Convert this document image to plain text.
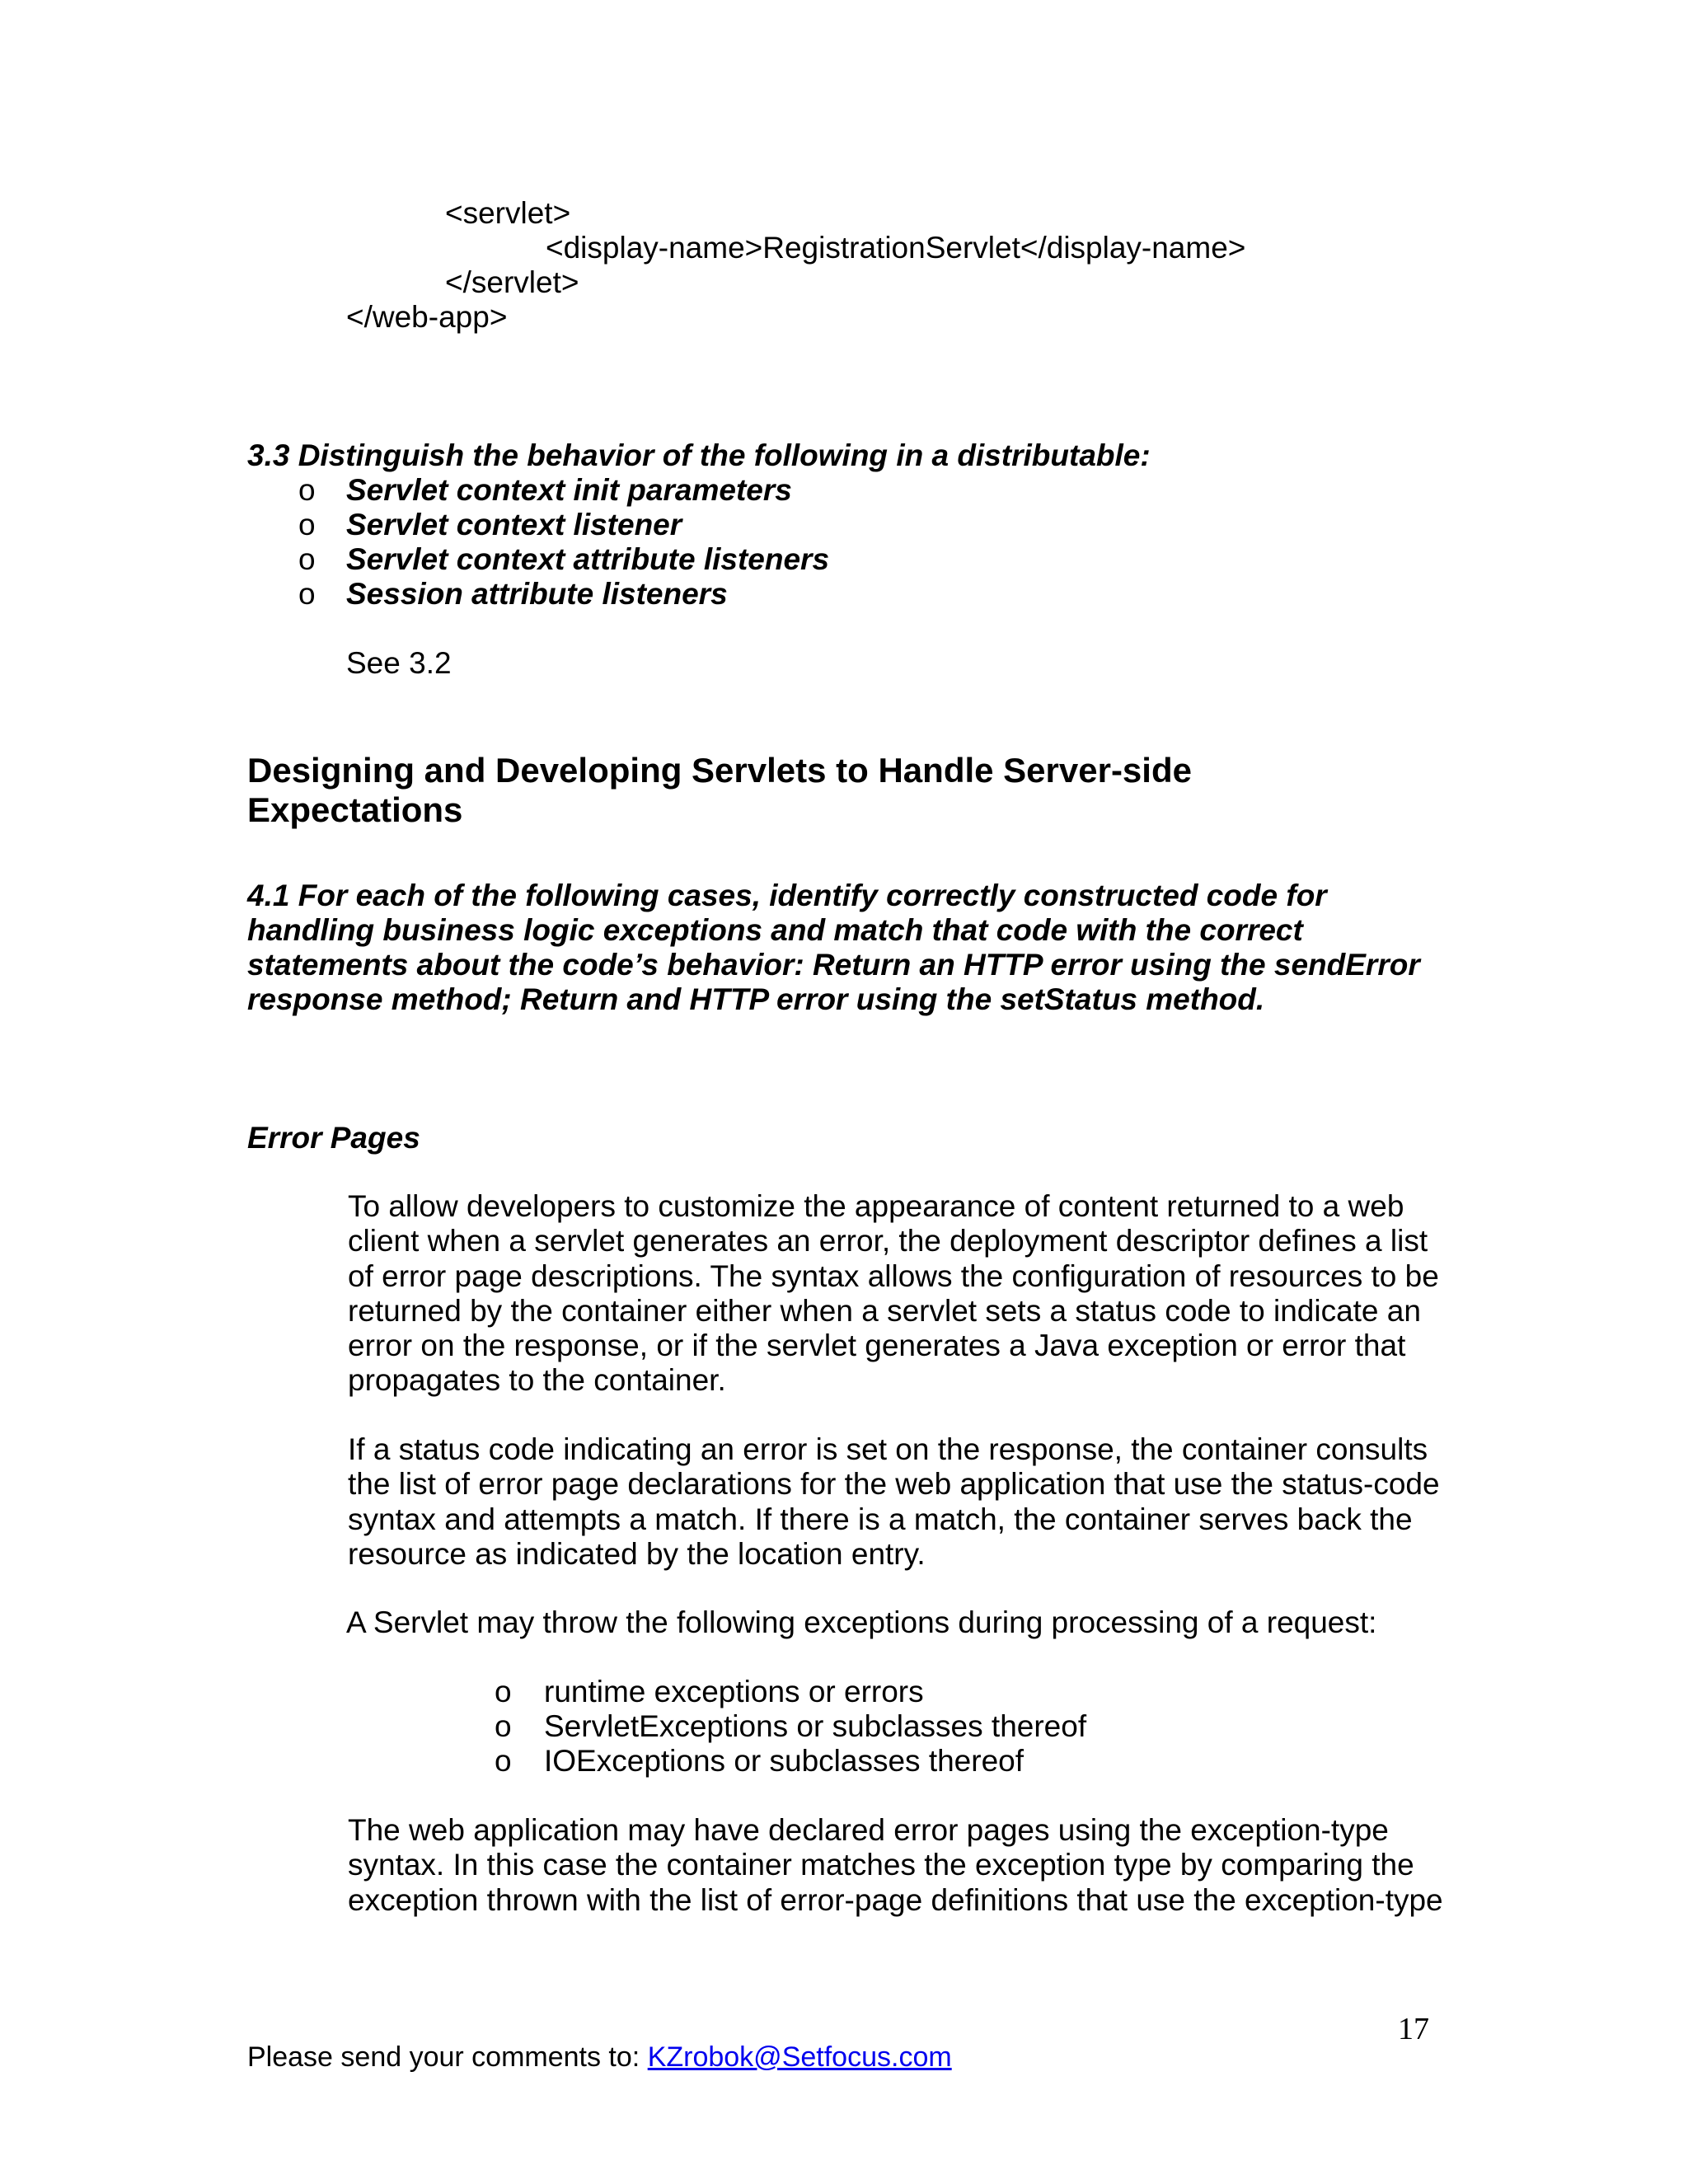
<servlet>
<display-name>RegistrationServlet</display-name>
</servlet>
</web-app>
3.3 Distinguish the behavior of the following in a distributable:
o Servlet context init parameters
o Servlet context listener
o Servlet context attribute listeners
o Session attribute listeners
See 3.2
Designing and Developing Servlets to Handle Server-side
Expectations
4.1 For each of the following cases, identify correctly constructed code for
handling business logic exceptions and match that code with the correct
statements about the code’s behavior: Return an HTTP error using the sendError
response method; Return and HTTP error using the setStatus method.
Error Pages
To allow developers to customize the appearance of content returned to a web client when a servlet generates an error, the deployment descriptor defines a list of error page descriptions. The syntax allows the configuration of resources to be returned by the container either when a servlet sets a status code to indicate an error on the response, or if the servlet generates a Java exception or error that propagates to the container.
If a status code indicating an error is set on the response, the container consults the list of error page declarations for the web application that use the status-code syntax and attempts a match. If there is a match, the container serves back the resource as indicated by the location entry.
A Servlet may throw the following exceptions during processing of a request:
o runtime exceptions or errors
o ServletExceptions or subclasses thereof
o IOExceptions or subclasses thereof
The web application may have declared error pages using the exception-type syntax. In this case the container matches the exception type by comparing the exception thrown with the list of error-page definitions that use the exception-type
17
Please send your comments to: KZrobok@Setfocus.com
